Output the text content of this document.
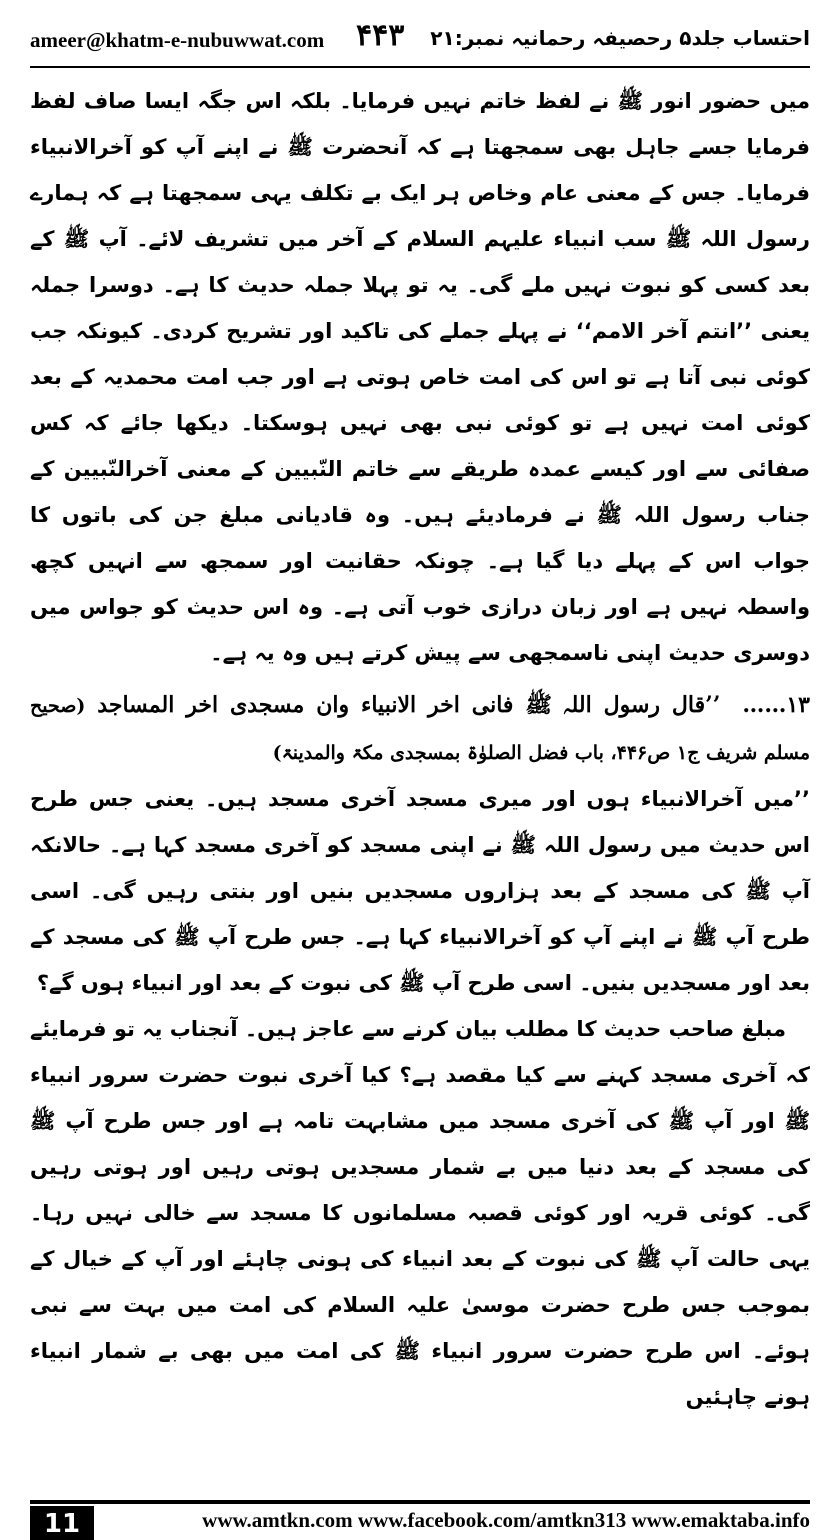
ameer@khatm-e-nubuwwat.com ۴۴۳ احتساب جلد۵ رحصیفہ رحمانیہ نمبر:۲۱

میں حضور انور ﷺ نے لفظ خاتم نہیں فرمایا۔ بلکہ اس جگہ ایسا صاف لفظ فرمایا جسے جاہل بھی سمجھتا ہے کہ آنحضرت ﷺ نے اپنے آپ کو آخرالانبیاء فرمایا۔ جس کے معنی عام وخاص ہر ایک بے تکلف یہی سمجھتا ہے کہ ہمارے رسول اللہ ﷺ سب انبیاء علیہم السلام کے آخر میں تشریف لائے۔ آپ ﷺ کے بعد کسی کو نبوت نہیں ملے گی۔ یہ تو پہلا جملہ حدیث کا ہے۔ دوسرا جملہ یعنی ’’انتم آخر الامم‘‘ نے پہلے جملے کی تاکید اور تشریح کردی۔ کیونکہ جب کوئی نبی آتا ہے تو اس کی امت خاص ہوتی ہے اور جب امت محمدیہ کے بعد کوئی امت نہیں ہے تو کوئی نبی بھی نہیں ہوسکتا۔ دیکھا جائے کہ کس صفائی سے اور کیسے عمدہ طریقے سے خاتم النّبیین کے معنی آخرالنّبیین کے جناب رسول اللہ ﷺ نے فرمادیئے ہیں۔ وہ قادیانی مبلغ جن کی باتوں کا جواب اس کے پہلے دیا گیا ہے۔ چونکہ حقانیت اور سمجھ سے انہیں کچھ واسطہ نہیں ہے اور زبان درازی خوب آتی ہے۔ وہ اس حدیث کو جواس میں دوسری حدیث اپنی ناسمجھی سے پیش کرتے ہیں وہ یہ ہے۔

۱۳…… ’’قال رسول اللہ ﷺ فانی اخر الانبیاء وان مسجدی اخر المساجد (صحیح مسلم شریف ج۱ ص۴۴۶، باب فضل الصلوٰۃ بمسجدی مکۃ والمدینۃ)

’’میں آخرالانبیاء ہوں اور میری مسجد آخری مسجد ہیں۔ یعنی جس طرح اس حدیث میں رسول اللہ ﷺ نے اپنی مسجد کو آخری مسجد کہا ہے۔ حالانکہ آپ ﷺ کی مسجد کے بعد ہزاروں مسجدیں بنیں اور بنتی رہیں گی۔ اسی طرح آپ ﷺ نے اپنے آپ کو آخرالانبیاء کہا ہے۔ جس طرح آپ ﷺ کی مسجد کے بعد اور مسجدیں بنیں۔ اسی طرح آپ ﷺ کی نبوت کے بعد اور انبیاء ہوں گے؟

مبلغ صاحب حدیث کا مطلب بیان کرنے سے عاجز ہیں۔ آنجناب یہ تو فرمایئے کہ آخری مسجد کہنے سے کیا مقصد ہے؟ کیا آخری نبوت حضرت سرور انبیاء ﷺ اور آپ ﷺ کی آخری مسجد میں مشابہت تامہ ہے اور جس طرح آپ ﷺ کی مسجد کے بعد دنیا میں بے شمار مسجدیں ہوتی رہیں اور ہوتی رہیں گی۔ کوئی قریہ اور کوئی قصبہ مسلمانوں کا مسجد سے خالی نہیں رہا۔ یہی حالت آپ ﷺ کی نبوت کے بعد انبیاء کی ہونی چاہئے اور آپ کے خیال کے بموجب جس طرح حضرت موسیٰ علیہ السلام کی امت میں بہت سے نبی ہوئے۔ اس طرح حضرت سرور انبیاء ﷺ کی امت میں بھی بے شمار انبیاء ہونے چاہئیں

11	www.amtkn.com www.facebook.com/amtkn313 www.emaktaba.info
